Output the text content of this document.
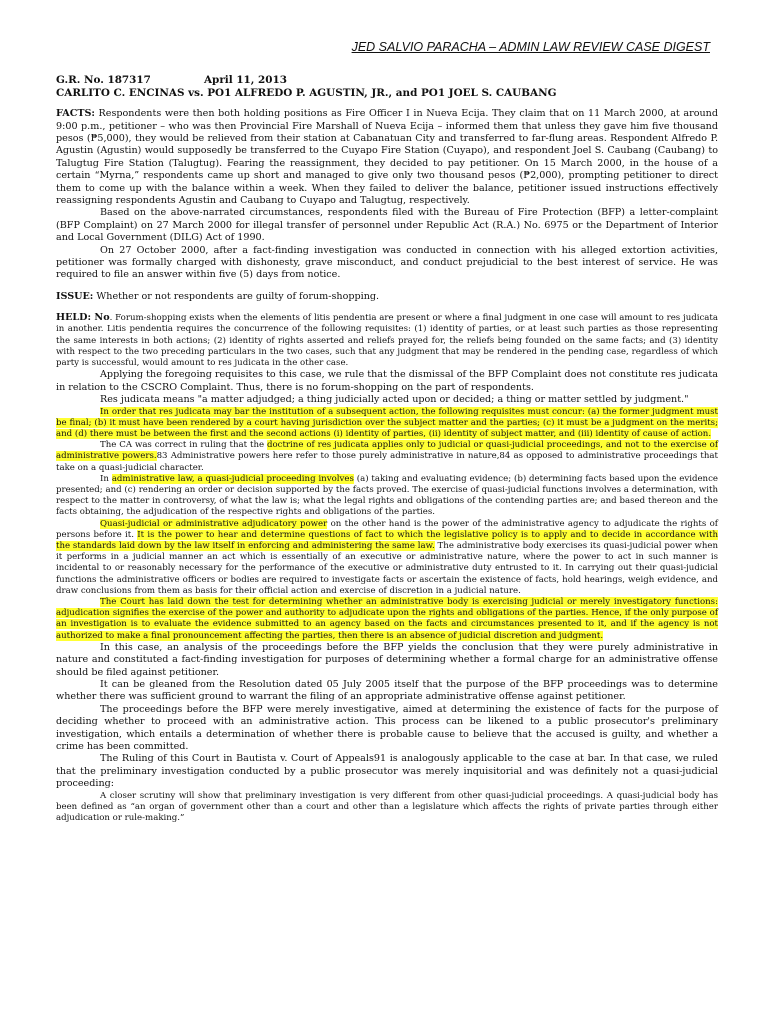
JED SALVIO PARACHA – ADMIN LAW REVIEW CASE DIGEST
G.R. No. 187317	April 11, 2013
CARLITO C. ENCINAS vs. PO1 ALFREDO P. AGUSTIN, JR., and PO1 JOEL S. CAUBANG

FACTS: Respondents were then both holding positions as Fire Officer I in Nueva Ecija. They claim that on 11 March 2000, at around 9:00 p.m., petitioner – who was then Provincial Fire Marshall of Nueva Ecija – informed them that unless they gave him five thousand pesos (₱5,000), they would be relieved from their station at Cabanatuan City and transferred to far-flung areas. Respondent Alfredo P. Agustin (Agustin) would supposedly be transferred to the Cuyapo Fire Station (Cuyapo), and respondent Joel S. Caubang (Caubang) to Talugtug Fire Station (Talugtug). Fearing the reassignment, they decided to pay petitioner. On 15 March 2000, in the house of a certain “Myrna,” respondents came up short and managed to give only two thousand pesos (₱2,000), prompting petitioner to direct them to come up with the balance within a week. When they failed to deliver the balance, petitioner issued instructions effectively reassigning respondents Agustin and Caubang to Cuyapo and Talugtug, respectively.

Based on the above-narrated circumstances, respondents filed with the Bureau of Fire Protection (BFP) a letter-complaint (BFP Complaint) on 27 March 2000 for illegal transfer of personnel under Republic Act (R.A.) No. 6975 or the Department of Interior and Local Government (DILG) Act of 1990.

On 27 October 2000, after a fact-finding investigation was conducted in connection with his alleged extortion activities, petitioner was formally charged with dishonesty, grave misconduct, and conduct prejudicial to the best interest of service. He was required to file an answer within five (5) days from notice.

ISSUE: Whether or not respondents are guilty of forum-shopping.

HELD: No. Forum-shopping exists when the elements of litis pendentia are present or where a final judgment in one case will amount to res judicata in another. Litis pendentia requires the concurrence of the following requisites: (1) identity of parties, or at least such parties as those representing the same interests in both actions; (2) identity of rights asserted and reliefs prayed for, the reliefs being founded on the same facts; and (3) identity with respect to the two preceding particulars in the two cases, such that any judgment that may be rendered in the pending case, regardless of which party is successful, would amount to res judicata in the other case.

Applying the foregoing requisites to this case, we rule that the dismissal of the BFP Complaint does not constitute res judicata in relation to the CSCRO Complaint. Thus, there is no forum-shopping on the part of respondents.

Res judicata means "a matter adjudged; a thing judicially acted upon or decided; a thing or matter settled by judgment."

In order that res judicata may bar the institution of a subsequent action, the following requisites must concur: (a) the former judgment must be final; (b) it must have been rendered by a court having jurisdiction over the subject matter and the parties; (c) it must be a judgment on the merits; and (d) there must be between the first and the second actions (i) identity of parties, (ii) identity of subject matter, and (iii) identity of cause of action.

The CA was correct in ruling that the doctrine of res judicata applies only to judicial or quasi-judicial proceedings, and not to the exercise of administrative powers.83 Administrative powers here refer to those purely administrative in nature,84 as opposed to administrative proceedings that take on a quasi-judicial character.

In administrative law, a quasi-judicial proceeding involves (a) taking and evaluating evidence; (b) determining facts based upon the evidence presented; and (c) rendering an order or decision supported by the facts proved. The exercise of quasi-judicial functions involves a determination, with respect to the matter in controversy, of what the law is; what the legal rights and obligations of the contending parties are; and based thereon and the facts obtaining, the adjudication of the respective rights and obligations of the parties.

Quasi-judicial or administrative adjudicatory power on the other hand is the power of the administrative agency to adjudicate the rights of persons before it. It is the power to hear and determine questions of fact to which the legislative policy is to apply and to decide in accordance with the standards laid down by the law itself in enforcing and administering the same law. The administrative body exercises its quasi-judicial power when it performs in a judicial manner an act which is essentially of an executive or administrative nature, where the power to act in such manner is incidental to or reasonably necessary for the performance of the executive or administrative duty entrusted to it. In carrying out their quasi-judicial functions the administrative officers or bodies are required to investigate facts or ascertain the existence of facts, hold hearings, weigh evidence, and draw conclusions from them as basis for their official action and exercise of discretion in a judicial nature.

The Court has laid down the test for determining whether an administrative body is exercising judicial or merely investigatory functions: adjudication signifies the exercise of the power and authority to adjudicate upon the rights and obligations of the parties. Hence, if the only purpose of an investigation is to evaluate the evidence submitted to an agency based on the facts and circumstances presented to it, and if the agency is not authorized to make a final pronouncement affecting the parties, then there is an absence of judicial discretion and judgment.

In this case, an analysis of the proceedings before the BFP yields the conclusion that they were purely administrative in nature and constituted a fact-finding investigation for purposes of determining whether a formal charge for an administrative offense should be filed against petitioner.

It can be gleaned from the Resolution dated 05 July 2005 itself that the purpose of the BFP proceedings was to determine whether there was sufficient ground to warrant the filing of an appropriate administrative offense against petitioner.

The proceedings before the BFP were merely investigative, aimed at determining the existence of facts for the purpose of deciding whether to proceed with an administrative action. This process can be likened to a public prosecutor's preliminary investigation, which entails a determination of whether there is probable cause to believe that the accused is guilty, and whether a crime has been committed.

The Ruling of this Court in Bautista v. Court of Appeals91 is analogously applicable to the case at bar. In that case, we ruled that the preliminary investigation conducted by a public prosecutor was merely inquisitorial and was definitely not a quasi-judicial proceeding:

A closer scrutiny will show that preliminary investigation is very different from other quasi-judicial proceedings. A quasi-judicial body has been defined as “an organ of government other than a court and other than a legislature which affects the rights of private parties through either adjudication or rule-making.”
